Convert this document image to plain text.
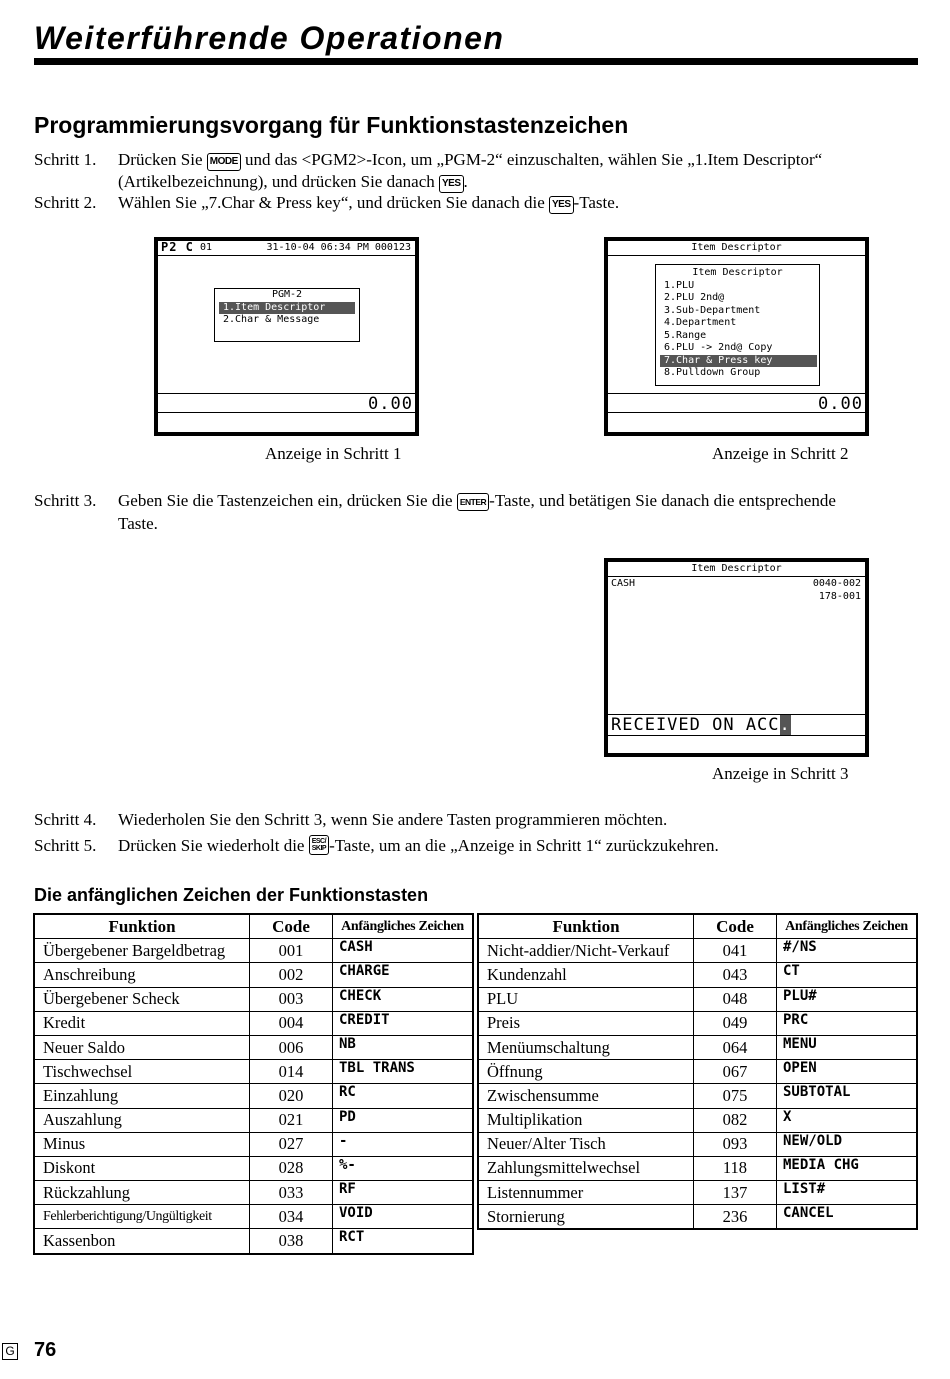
Weiterführende Operationen
Programmierungsvorgang für Funktionstastenzeichen
Schritt 1. Drücken Sie MODE und das <PGM2>-Icon, um „PGM-2“ einzuschalten, wählen Sie „1.Item Descriptor“
(Artikelbezeichnung), und drücken Sie danach YES .
Schritt 2. Wählen Sie „7.Char & Press key“, und drücken Sie danach die YES -Taste.
P2 C 01	31-10-04 06:34 PM 000123
PGM-2
1.Item Descriptor
2.Char & Message
0.00
Anzeige in Schritt 1
Item Descriptor
Item Descriptor
1.PLU
2.PLU 2nd@
3.Sub-Department
4.Department
5.Range
6.PLU -> 2nd@ Copy
7.Char & Press key
8.Pulldown Group
0.00
Anzeige in Schritt 2
Schritt 3. Geben Sie die Tastenzeichen ein, drücken Sie die ENTER -Taste, und betätigen Sie danach die entsprechende
Taste.
Item Descriptor
CASH	0040-002
178-001
RECEIVED ON ACC.
Anzeige in Schritt 3
Schritt 4. Wiederholen Sie den Schritt 3, wenn Sie andere Tasten programmieren möchten.
Schritt 5. Drücken Sie wiederholt die ESC/
SKIP -Taste, um an die „Anzeige in Schritt 1“ zurückzukehren.
Die anfänglichen Zeichen der Funktionstasten
Funktion	Code	Anfängliches Zeichen
Übergebener Bargeldbetrag	001	CASH
Anschreibung	002	CHARGE
Übergebener Scheck	003	CHECK
Kredit	004	CREDIT
Neuer Saldo	006	NB
Tischwechsel	014	TBL TRANS
Einzahlung	020	RC
Auszahlung	021	PD
Minus	027	-
Diskont	028	%-
Rückzahlung	033	RF
Fehlerberichtigung/Ungültigkeit	034	VOID
Kassenbon	038	RCT
Funktion	Code	Anfängliches Zeichen
Nicht-addier/Nicht-Verkauf	041	#/NS
Kundenzahl	043	CT
PLU	048	PLU#
Preis	049	PRC
Menüumschaltung	064	MENU
Öffnung	067	OPEN
Zwischensumme	075	SUBTOTAL
Multiplikation	082	X
Neuer/Alter Tisch	093	NEW/OLD
Zahlungsmittelwechsel	118	MEDIA CHG
Listennummer	137	LIST#
Stornierung	236	CANCEL
G 76
